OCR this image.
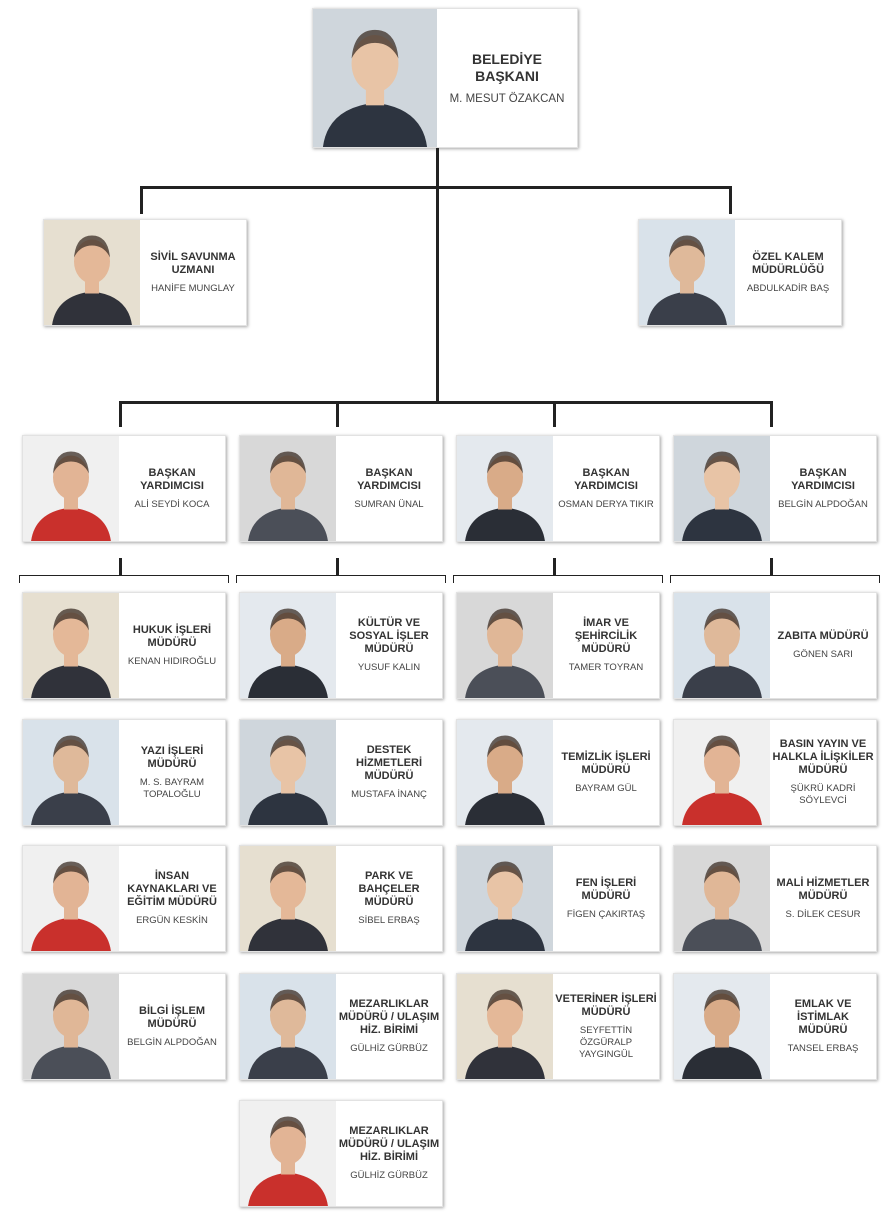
BELEDİYE BAŞKANI
M. MESUT ÖZAKCAN
SİVİL SAVUNMA UZMANI
HANİFE MUNGLAY
ÖZEL KALEM MÜDÜRLÜĞÜ
ABDULKADİR BAŞ
BAŞKAN YARDIMCISI
ALİ SEYDİ KOCA
BAŞKAN YARDIMCISI
SUMRAN ÜNAL
BAŞKAN YARDIMCISI
OSMAN DERYA TIKIR
BAŞKAN YARDIMCISI
BELGİN ALPDOĞAN
HUKUK İŞLERİ MÜDÜRÜ
KENAN HIDIROĞLU
YAZI İŞLERİ MÜDÜRÜ
M. S. BAYRAM TOPALOĞLU
İNSAN KAYNAKLARI VE EĞİTİM MÜDÜRÜ
ERGÜN KESKİN
BİLGİ İŞLEM MÜDÜRÜ
BELGİN ALPDOĞAN
KÜLTÜR VE SOSYAL İŞLER MÜDÜRÜ
YUSUF KALIN
DESTEK HİZMETLERİ MÜDÜRÜ
MUSTAFA İNANÇ
PARK VE BAHÇELER MÜDÜRÜ
SİBEL ERBAŞ
MEZARLIKLAR MÜDÜRÜ / ULAŞIM HİZ. BİRİMİ
GÜLHİZ GÜRBÜZ
MEZARLIKLAR MÜDÜRÜ / ULAŞIM HİZ. BİRİMİ
GÜLHİZ GÜRBÜZ
İMAR VE ŞEHİRCİLİK MÜDÜRÜ
TAMER TOYRAN
TEMİZLİK İŞLERİ MÜDÜRÜ
BAYRAM GÜL
FEN İŞLERİ MÜDÜRÜ
FİGEN ÇAKIRTAŞ
VETERİNER İŞLERİ MÜDÜRÜ
SEYFETTİN ÖZGÜRALP YAYGINGÜL
ZABITA MÜDÜRÜ
GÖNEN SARI
BASIN YAYIN VE HALKLA İLİŞKİLER MÜDÜRÜ
ŞÜKRÜ KADRİ SÖYLEVCİ
MALİ HİZMETLER MÜDÜRÜ
S. DİLEK CESUR
EMLAK VE İSTİMLAK MÜDÜRÜ
TANSEL ERBAŞ
